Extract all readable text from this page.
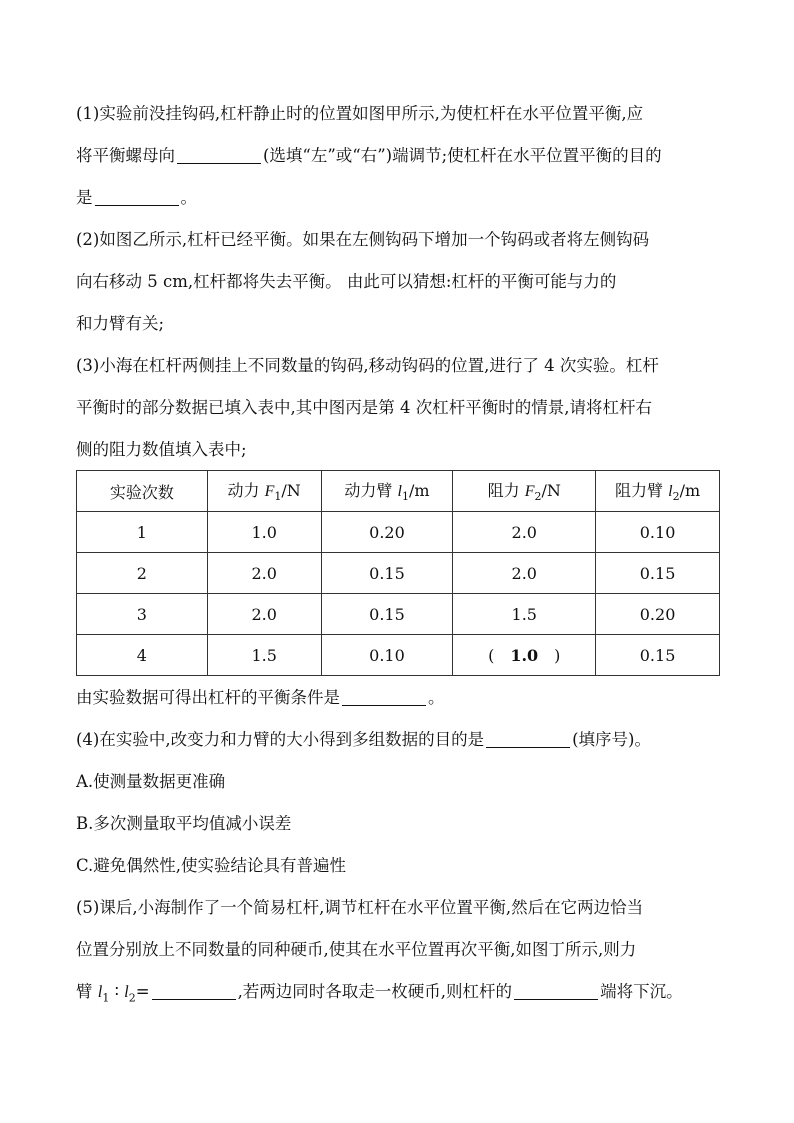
(1)实验前没挂钩码,杠杆静止时的位置如图甲所示,为使杠杆在水平位置平衡,应
将平衡螺母向	(选填“左”或“右”)端调节;使杠杆在水平位置平衡的目的
是	。
(2)如图乙所示,杠杆已经平衡。如果在左侧钩码下增加一个钩码或者将左侧钩码
向右移动 5 cm,杠杆都将失去平衡。 由此可以猜想:杠杆的平衡可能与力的
和力臂有关;
(3)小海在杠杆两侧挂上不同数量的钩码,移动钩码的位置,进行了 4 次实验。杠杆
平衡时的部分数据已填入表中,其中图丙是第 4 次杠杆平衡时的情景,请将杠杆右
侧的阻力数值填入表中;
实验次数	动力 $F_1/N$	动力臂 $l_1/m$	阻力 $F_2/N$	阻力臂 $l_2/m$
1	1.0	0.20	2.0	0.10
2	2.0	0.15	2.0	0.15
3	2.0	0.15	1.5	0.20
4	1.5	0.10	( 1.0 )	0.15
由实验数据可得出杠杆的平衡条件是	。
(4)在实验中,改变力和力臂的大小得到多组数据的目的是	(填序号)。
A.使测量数据更准确
B.多次测量取平均值减小误差
C.避免偶然性,使实验结论具有普遍性
(5)课后,小海制作了一个简易杠杆,调节杠杆在水平位置平衡,然后在它两边恰当
位置分别放上不同数量的同种硬币,使其在水平位置再次平衡,如图丁所示,则力
臂 $l_1$ ∶ $l_2=$	,若两边同时各取走一枚硬币,则杠杆的	端将下沉。
